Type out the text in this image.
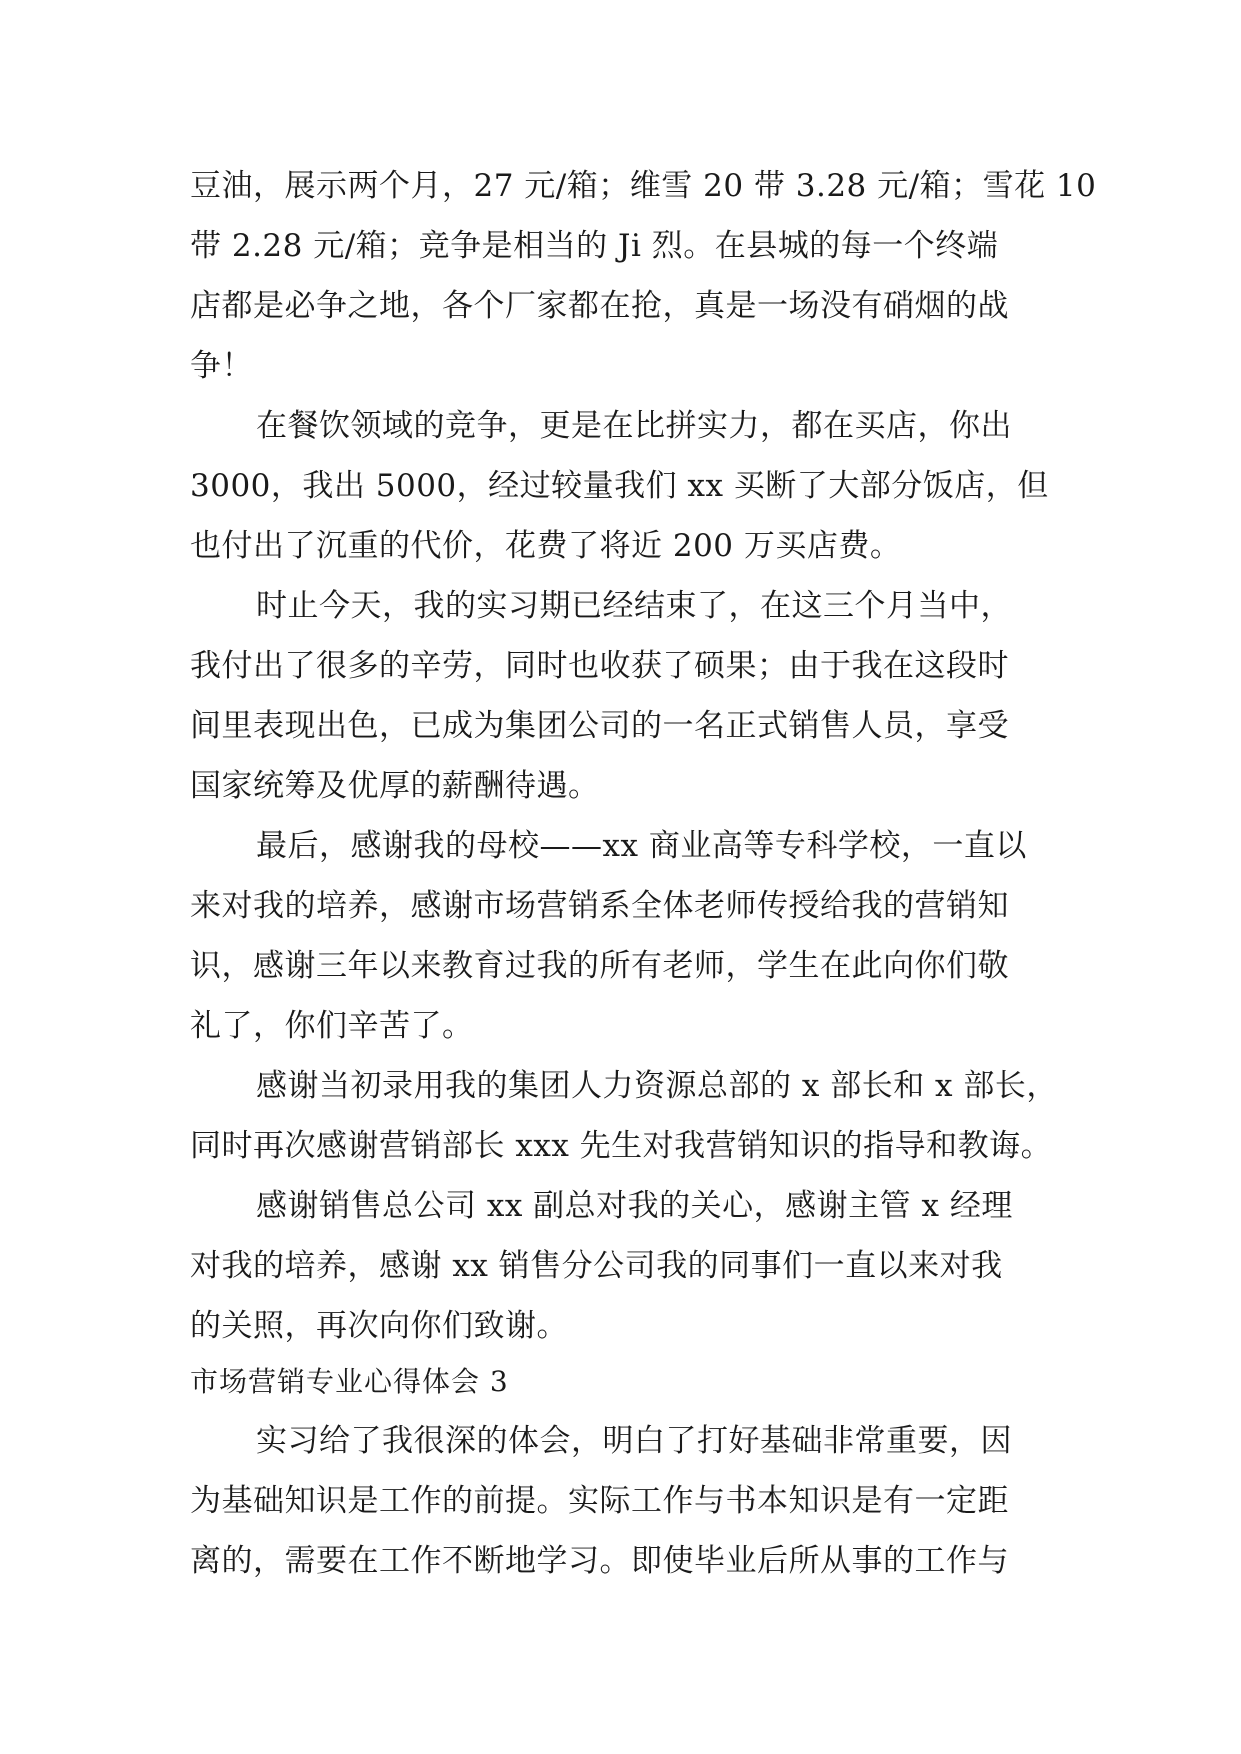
豆油，展示两个月，27 元/箱；维雪 20 带 3.28 元/箱；雪花 10
带 2.28 元/箱；竞争是相当的 Ji 烈。在县城的每一个终端
店都是必争之地，各个厂家都在抢，真是一场没有硝烟的战
争！
在餐饮领域的竞争，更是在比拼实力，都在买店，你出
3000，我出 5000，经过较量我们 xx 买断了大部分饭店，但
也付出了沉重的代价，花费了将近 200 万买店费。
时止今天，我的实习期已经结束了，在这三个月当中，
我付出了很多的辛劳，同时也收获了硕果；由于我在这段时
间里表现出色，已成为集团公司的一名正式销售人员，享受
国家统筹及优厚的薪酬待遇。
最后，感谢我的母校——xx 商业高等专科学校，一直以
来对我的培养，感谢市场营销系全体老师传授给我的营销知
识，感谢三年以来教育过我的所有老师，学生在此向你们敬
礼了，你们辛苦了。
感谢当初录用我的集团人力资源总部的 x 部长和 x 部长，
同时再次感谢营销部长 xxx 先生对我营销知识的指导和教诲。
感谢销售总公司 xx 副总对我的关心，感谢主管 x 经理
对我的培养，感谢 xx 销售分公司我的同事们一直以来对我
的关照，再次向你们致谢。
市场营销专业心得体会 3
实习给了我很深的体会，明白了打好基础非常重要，因
为基础知识是工作的前提。实际工作与书本知识是有一定距
离的，需要在工作不断地学习。即使毕业后所从事的工作与
